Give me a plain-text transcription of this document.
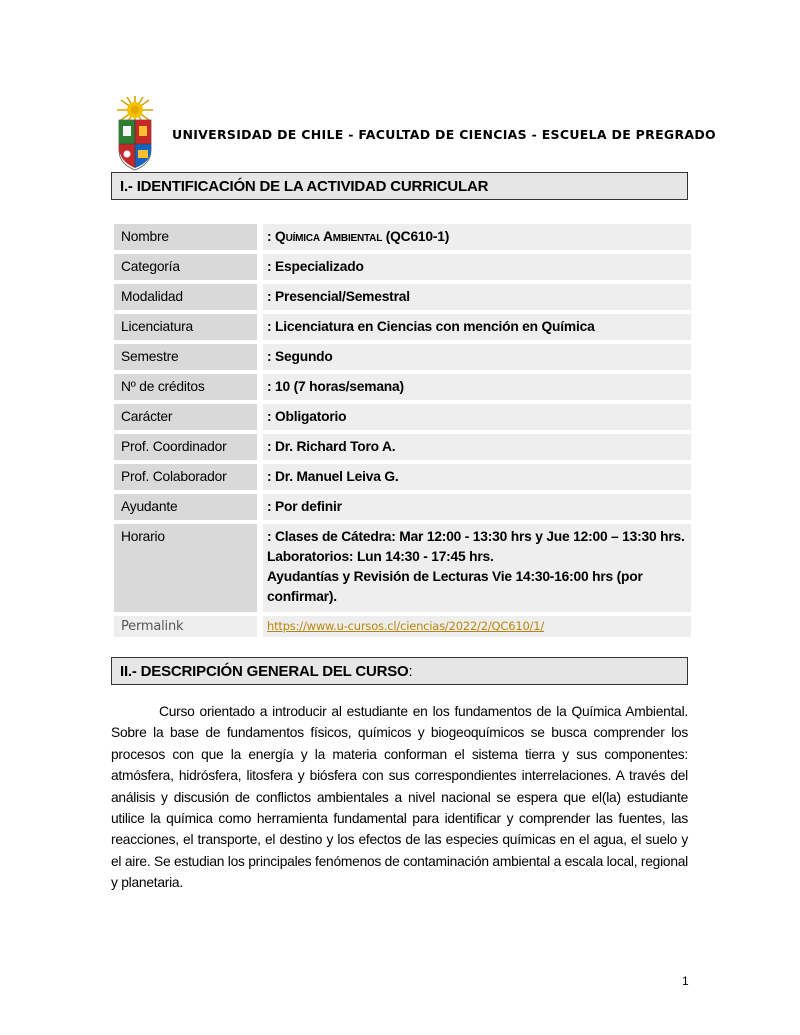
UNIVERSIDAD DE CHILE - FACULTAD DE CIENCIAS - ESCUELA DE PREGRADO
I.- IDENTIFICACIÓN DE LA ACTIVIDAD CURRICULAR
Nombre		: Química Ambiental (QC610-1)
Categoría		: Especializado
Modalidad		: Presencial/Semestral
Licenciatura		: Licenciatura en Ciencias con mención en Química
Semestre		: Segundo
Nº de créditos		: 10 (7 horas/semana)
Carácter		: Obligatorio
Prof. Coordinador		: Dr. Richard Toro A.
Prof. Colaborador		: Dr. Manuel Leiva G.
Ayudante		: Por definir
Horario		: Clases de Cátedra: Mar 12:00 - 13:30 hrs y Jue 12:00 – 13:30 hrs.
Laboratorios: Lun 14:30 - 17:45 hrs.
Ayudantías y Revisión de Lecturas Vie 14:30-16:00 hrs (por
confirmar).

Permalink		https://www.u-cursos.cl/ciencias/2022/2/QC610/1/
II.- DESCRIPCIÓN GENERAL DEL CURSO:

Curso orientado a introducir al estudiante en los fundamentos de la Química Ambiental. Sobre la base de fundamentos físicos, químicos y biogeoquímicos se busca comprender los procesos con que la energía y la materia conforman el sistema tierra y sus componentes: atmósfera, hidrósfera, litosfera y biósfera con sus correspondientes interrelaciones. A través del análisis y discusión de conflictos ambientales a nivel nacional se espera que el(la) estudiante utilice la química como herramienta fundamental para identificar y comprender las fuentes, las reacciones, el transporte, el destino y los efectos de las especies químicas en el agua, el suelo y el aire. Se estudian los principales fenómenos de contaminación ambiental a escala local, regional y planetaria.

1
